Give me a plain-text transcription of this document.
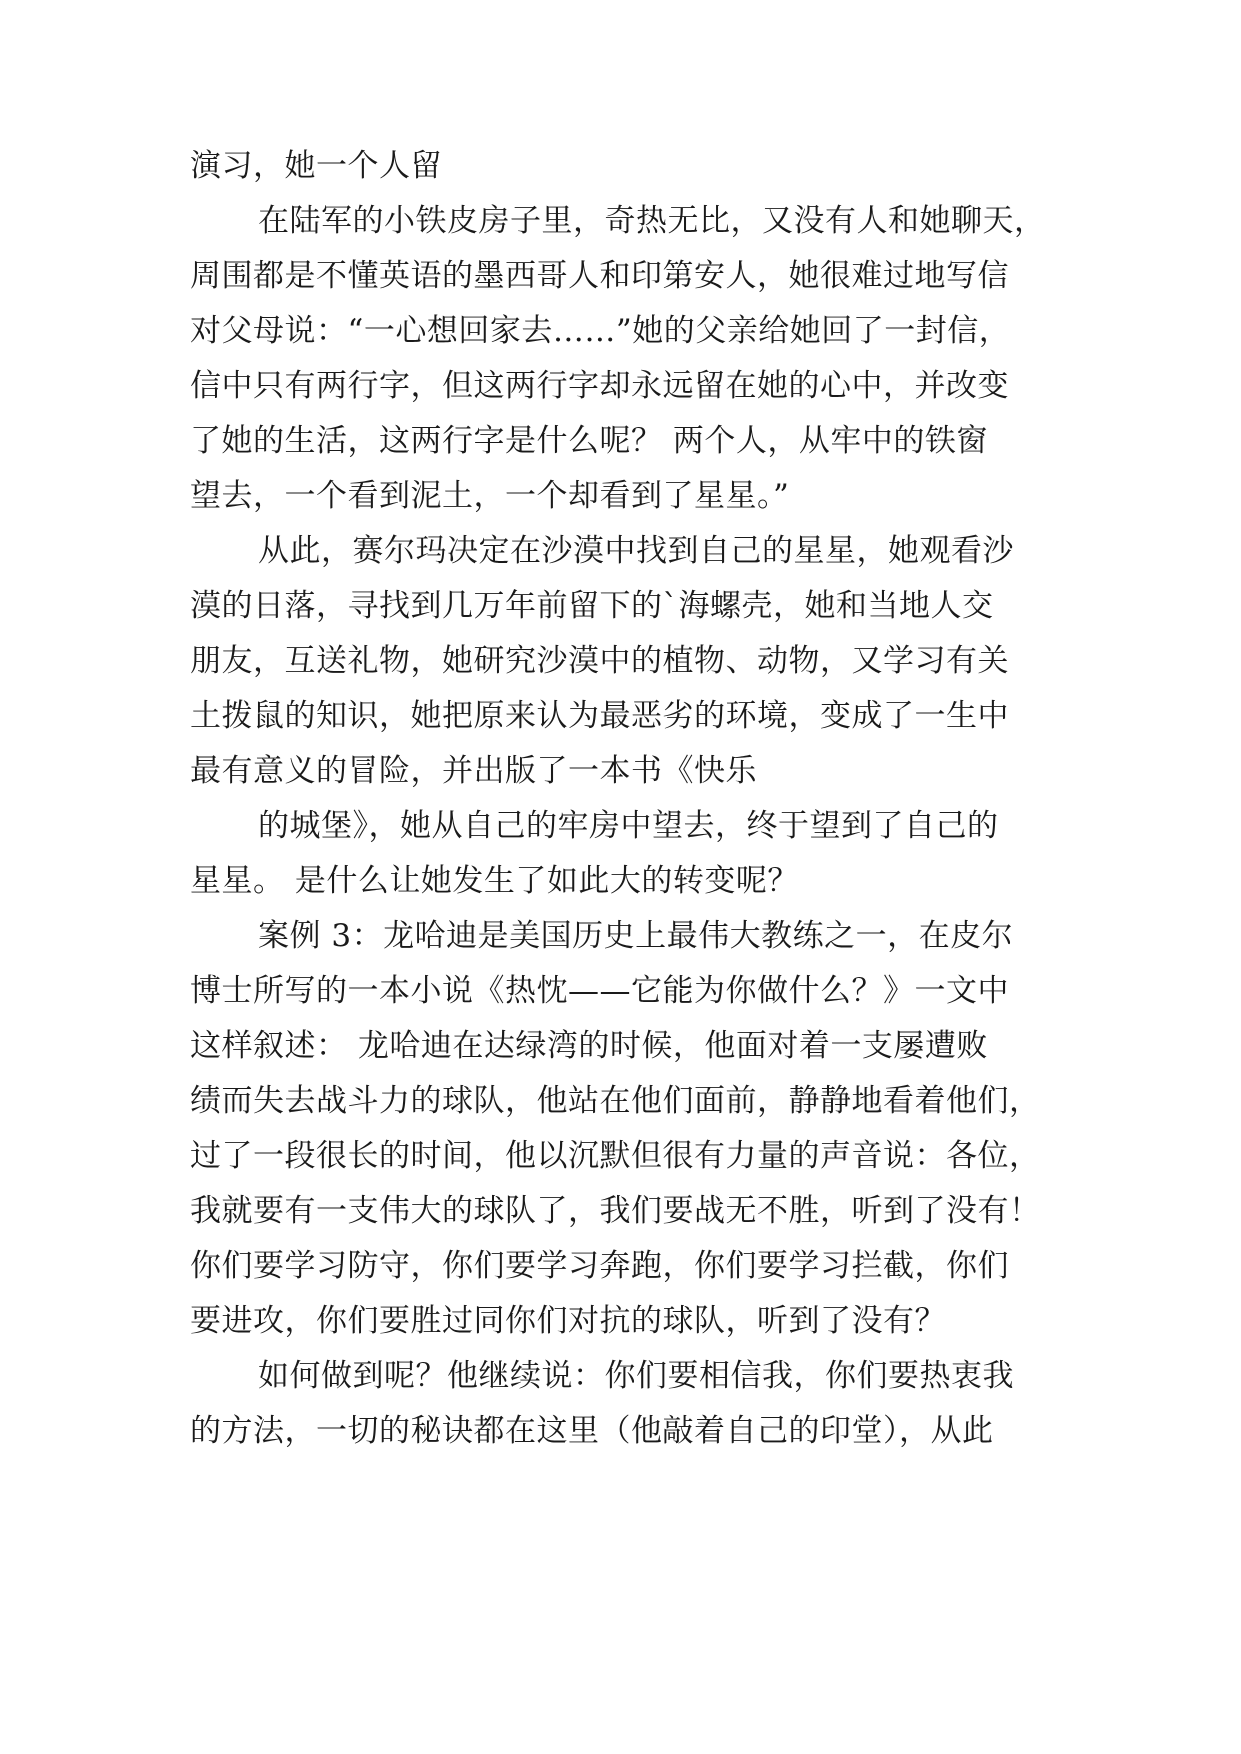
演习，她一个人留
在陆军的小铁皮房子里，奇热无比，又没有人和她聊天，
周围都是不懂英语的墨西哥人和印第安人，她很难过地写信
对父母说：“一心想回家去……”她的父亲给她回了一封信，
信中只有两行字，但这两行字却永远留在她的心中，并改变
了她的生活，这两行字是什么呢？ 两个人，从牢中的铁窗
望去，一个看到泥土，一个却看到了星星。”
从此，赛尔玛决定在沙漠中找到自己的星星，她观看沙
漠的日落，寻找到几万年前留下的`海螺壳，她和当地人交
朋友，互送礼物，她研究沙漠中的植物、动物，又学习有关
土拨鼠的知识，她把原来认为最恶劣的环境，变成了一生中
最有意义的冒险，并出版了一本书《快乐
的城堡》，她从自己的牢房中望去，终于望到了自己的
星星。 是什么让她发生了如此大的转变呢？
案例 3：龙哈迪是美国历史上最伟大教练之一，在皮尔
博士所写的一本小说《热忱——它能为你做什么？》一文中
这样叙述： 龙哈迪在达绿湾的时候，他面对着一支屡遭败
绩而失去战斗力的球队，他站在他们面前，静静地看着他们，
过了一段很长的时间，他以沉默但很有力量的声音说：各位，
我就要有一支伟大的球队了，我们要战无不胜，听到了没有！
你们要学习防守，你们要学习奔跑，你们要学习拦截，你们
要进攻，你们要胜过同你们对抗的球队，听到了没有？
如何做到呢？他继续说：你们要相信我，你们要热衷我
的方法，一切的秘诀都在这里（他敲着自己的印堂），从此
